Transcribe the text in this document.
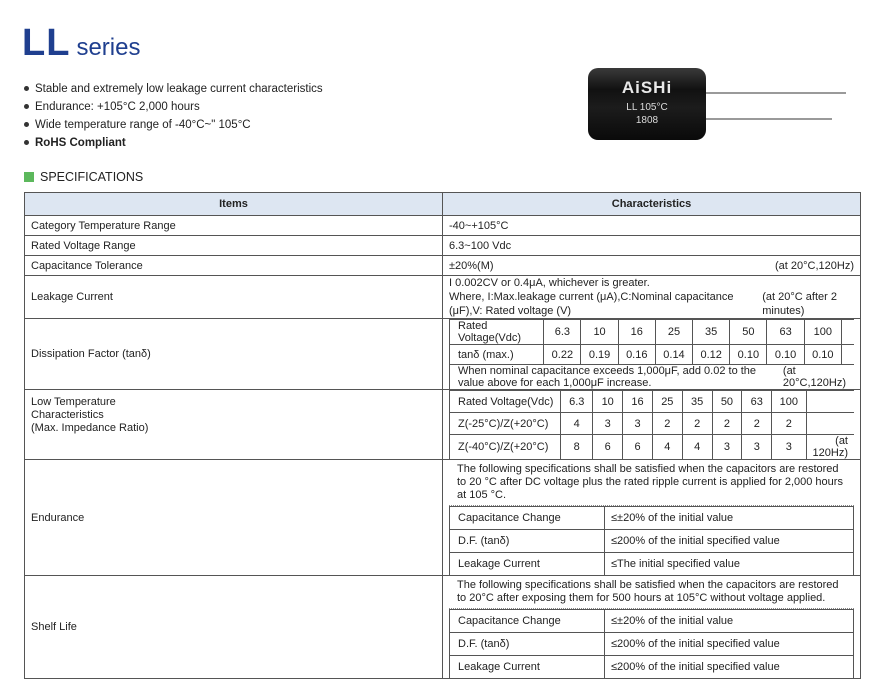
LL series
Stable and extremely low leakage current characteristics
Endurance: +105°C 2,000 hours
Wide temperature range of -40°C~" 105°C
RoHS Compliant
AiSHi
LL 105°C
1808
SPECIFICATIONS
Items	Characteristics
Category Temperature Range	-40~+105°C
Rated Voltage Range	6.3~100 Vdc
Capacitance Tolerance	±20%(M)	(at 20°C,120Hz)

Leakage Current	
I 0.002CV or 0.4μA, whichever is greater.
Where, I:Max.leakage current (μA),C:Nominal capacitance (μF),V: Rated voltage (V)
(at 20°C after 2 minutes)

Dissipation Factor (tanδ)	
Rated Voltage(Vdc)	6.3	10	16	25	35	50	63	100	
tanδ (max.)	0.22	0.19	0.16	0.14	0.12	0.10	0.10	0.10	

When nominal capacitance exceeds 1,000μF, add 0.02 to the value above for each 1,000μF increase.
(at 20°C,120Hz)

Low Temperature
Characteristics
(Max. Impedance Ratio)

Rated Voltage(Vdc)	6.3	10	16	25	35	50	63	100	
Z(-25°C)/Z(+20°C)	4	3	3	2	2	2	2	2	
Z(-40°C)/Z(+20°C)	8	6	6	4	4	3	3	3	(at 120Hz)

Endurance	
The following specifications shall be satisfied when the capacitors are restored to 20 °C after DC voltage plus the rated ripple current is applied for 2,000 hours at 105 °C.
Capacitance Change	≤±20% of the initial value
D.F. (tanδ)	≤200% of the initial specified value
Leakage Current	≤The initial specified value

Shelf Life	
The following specifications shall be satisfied when the capacitors are restored to 20°C after exposing them for 500 hours at 105°C without voltage applied.
Capacitance Change	≤±20% of the initial value
D.F. (tanδ)	≤200% of the initial specified value
Leakage Current	≤200% of the initial specified value
